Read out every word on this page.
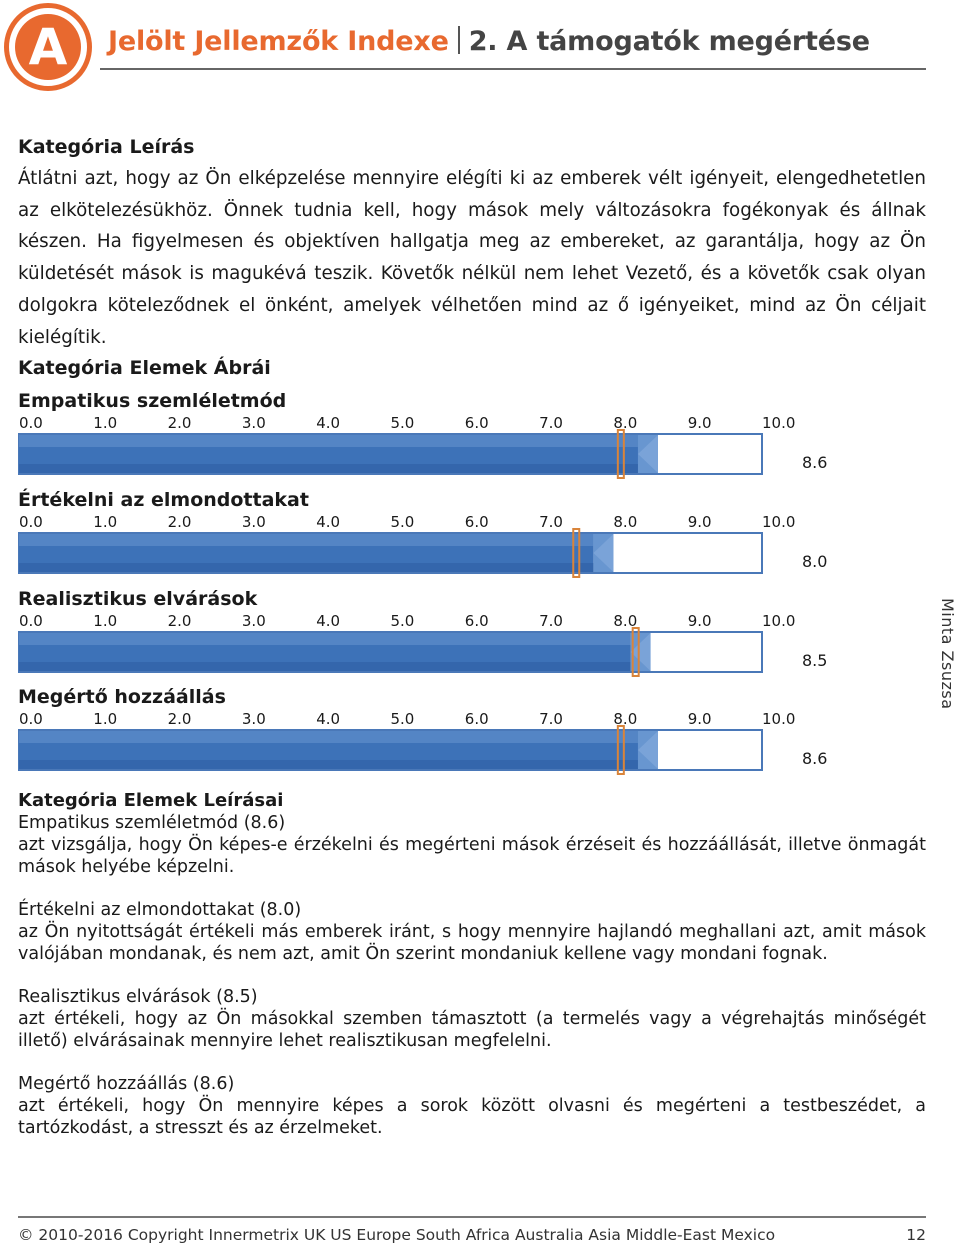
A	Jelölt Jellemzők Indexe 2. A támogatók megértése
Kategória Leírás
Átlátni azt, hogy az Ön elképzelése mennyire elégíti ki az emberek vélt igényeit, elengedhetetlen az elkötelezésükhöz. Önnek tudnia kell, hogy mások mely változásokra fogékonyak és állnak készen. Ha figyelmesen és objektíven hallgatja meg az embereket, az garantálja, hogy az Ön küldetését mások is magukévá teszik. Követők nélkül nem lehet Vezető, és a követők csak olyan dolgokra köteleződnek el önként, amelyek vélhetően mind az ő igényeiket, mind az Ön céljait kielégítik.
Kategória Elemek Ábrái
Empatikus szemléletmód
0.0	1.0	2.0	3.0	4.0	5.0	6.0	7.0	8.0	9.0	10.0
8.6
Értékelni az elmondottakat
0.0	1.0	2.0	3.0	4.0	5.0	6.0	7.0	8.0	9.0	10.0
8.0
Realisztikus elvárások
0.0	1.0	2.0	3.0	4.0	5.0	6.0	7.0	8.0	9.0	10.0
8.5
Megértő hozzáállás
0.0	1.0	2.0	3.0	4.0	5.0	6.0	7.0	8.0	9.0	10.0
8.6
Minta Zsuzsa
Kategória Elemek Leírásai

Empatikus szemléletmód (8.6)

azt vizsgálja, hogy Ön képes-e érzékelni és megérteni mások érzéseit és hozzáállását, illetve önmagát mások helyébe képzelni.

Értékelni az elmondottakat (8.0)

az Ön nyitottságát értékeli más emberek iránt, s hogy mennyire hajlandó meghallani azt, amit mások valójában mondanak, és nem azt, amit Ön szerint mondaniuk kellene vagy mondani fognak.

Realisztikus elvárások (8.5)

azt értékeli, hogy az Ön másokkal szemben támasztott (a termelés vagy a végrehajtás minőségét illető) elvárásainak mennyire lehet realisztikusan megfelelni.

Megértő hozzáállás (8.6)

azt értékeli, hogy Ön mennyire képes a sorok között olvasni és megérteni a testbeszédet, a tartózkodást, a stresszt és az érzelmeket.

© 2010-2016 Copyright Innermetrix UK US Europe South Africa Australia Asia Middle-East Mexico	12
